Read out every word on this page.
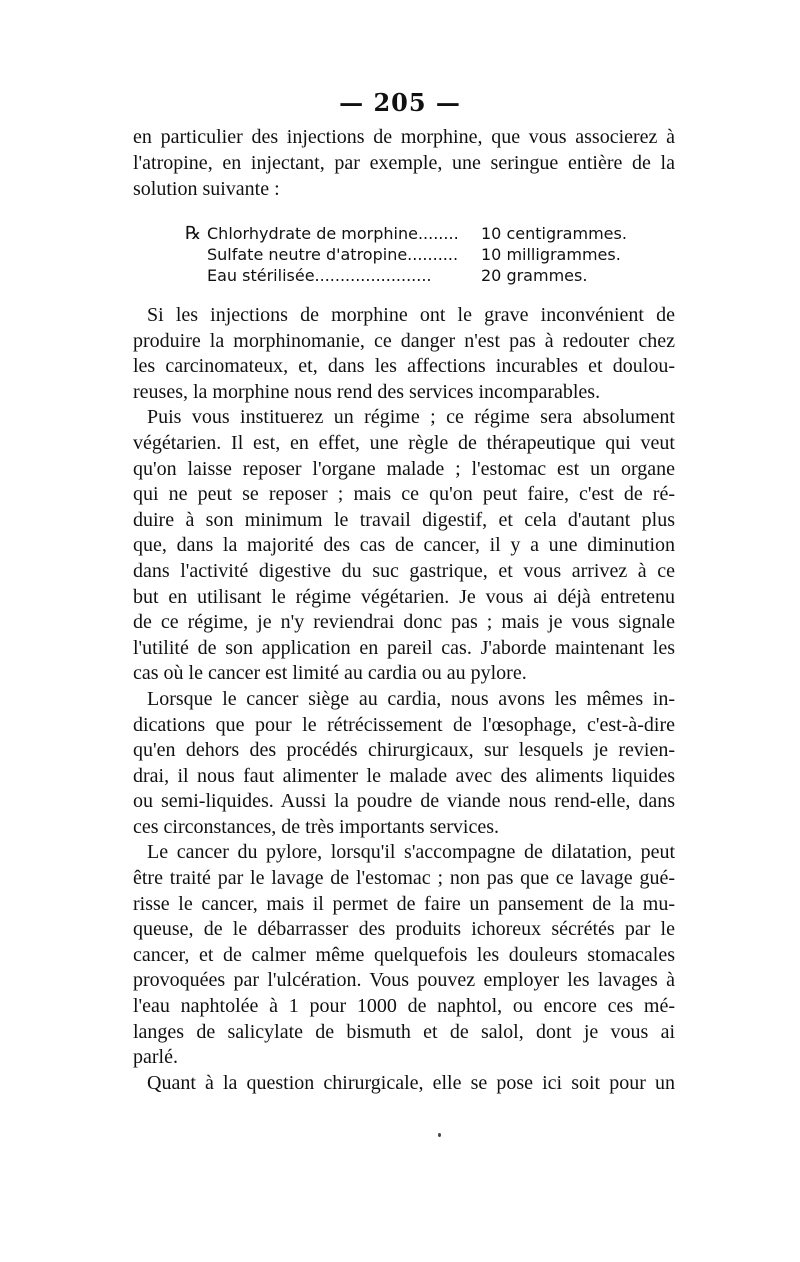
— 205 —
en particulier des injections de morphine, que vous associerez à
l'atropine, en injectant, par exemple, une seringue entière de la
solution suivante :
℞ Chlorhydrate de morphine........	10 centigrammes.
Sulfate neutre d'atropine..........	10 milligrammes.
Eau stérilisée.......................	20 grammes.
Si les injections de morphine ont le grave inconvénient de
produire la morphinomanie, ce danger n'est pas à redouter chez
les carcinomateux, et, dans les affections incurables et doulou-
reuses, la morphine nous rend des services incomparables.
Puis vous instituerez un régime ; ce régime sera absolument
végétarien. Il est, en effet, une règle de thérapeutique qui veut
qu'on laisse reposer l'organe malade ; l'estomac est un organe
qui ne peut se reposer ; mais ce qu'on peut faire, c'est de ré-
duire à son minimum le travail digestif, et cela d'autant plus
que, dans la majorité des cas de cancer, il y a une diminution
dans l'activité digestive du suc gastrique, et vous arrivez à ce
but en utilisant le régime végétarien. Je vous ai déjà entretenu
de ce régime, je n'y reviendrai donc pas ; mais je vous signale
l'utilité de son application en pareil cas. J'aborde maintenant les
cas où le cancer est limité au cardia ou au pylore.
Lorsque le cancer siège au cardia, nous avons les mêmes in-
dications que pour le rétrécissement de l'œsophage, c'est-à-dire
qu'en dehors des procédés chirurgicaux, sur lesquels je revien-
drai, il nous faut alimenter le malade avec des aliments liquides
ou semi-liquides. Aussi la poudre de viande nous rend-elle, dans
ces circonstances, de très importants services.
Le cancer du pylore, lorsqu'il s'accompagne de dilatation, peut
être traité par le lavage de l'estomac ; non pas que ce lavage gué-
risse le cancer, mais il permet de faire un pansement de la mu-
queuse, de le débarrasser des produits ichoreux sécrétés par le
cancer, et de calmer même quelquefois les douleurs stomacales
provoquées par l'ulcération. Vous pouvez employer les lavages à
l'eau naphtolée à 1 pour 1000 de naphtol, ou encore ces mé-
langes de salicylate de bismuth et de salol, dont je vous ai
parlé.
Quant à la question chirurgicale, elle se pose ici soit pour un
